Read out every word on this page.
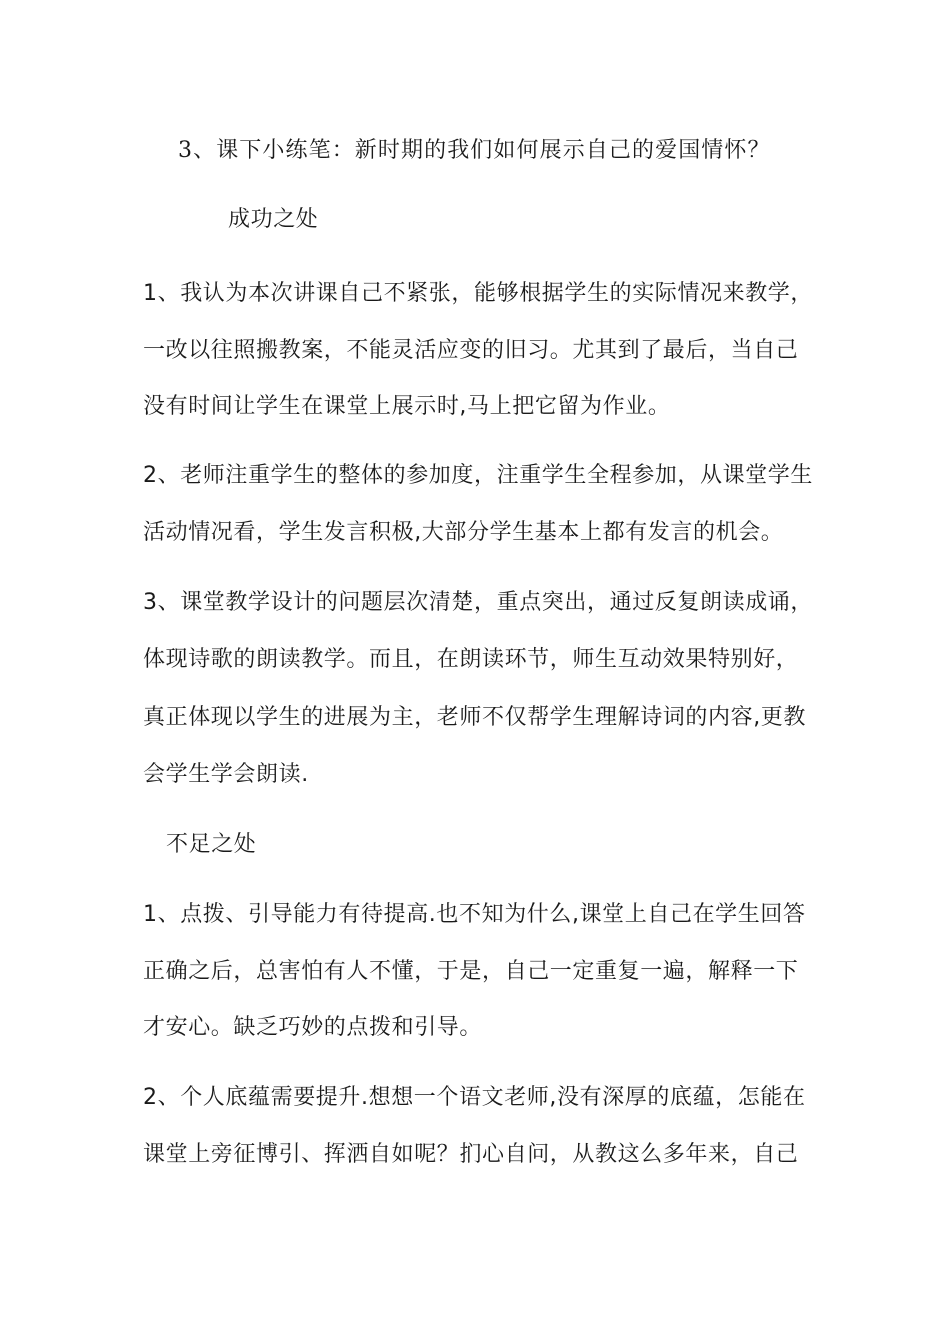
3、课下小练笔：新时期的我们如何展示自己的爱国情怀？

成功之处

1、我认为本次讲课自己不紧张，能够根据学生的实际情况来教学，

一改以往照搬教案，不能灵活应变的旧习。尤其到了最后，当自己

没有时间让学生在课堂上展示时,马上把它留为作业。

2、老师注重学生的整体的参加度，注重学生全程参加，从课堂学生

活动情况看，学生发言积极,大部分学生基本上都有发言的机会。

3、课堂教学设计的问题层次清楚，重点突出，通过反复朗读成诵，

体现诗歌的朗读教学。而且，在朗读环节，师生互动效果特别好，

真正体现以学生的进展为主，老师不仅帮学生理解诗词的内容,更教

会学生学会朗读.

不足之处

1、点拨、引导能力有待提高.也不知为什么,课堂上自己在学生回答

正确之后，总害怕有人不懂，于是，自己一定重复一遍，解释一下

才安心。缺乏巧妙的点拨和引导。

2、个人底蕴需要提升.想想一个语文老师,没有深厚的底蕴，怎能在

课堂上旁征博引、挥洒自如呢？扪心自问，从教这么多年来，自己
